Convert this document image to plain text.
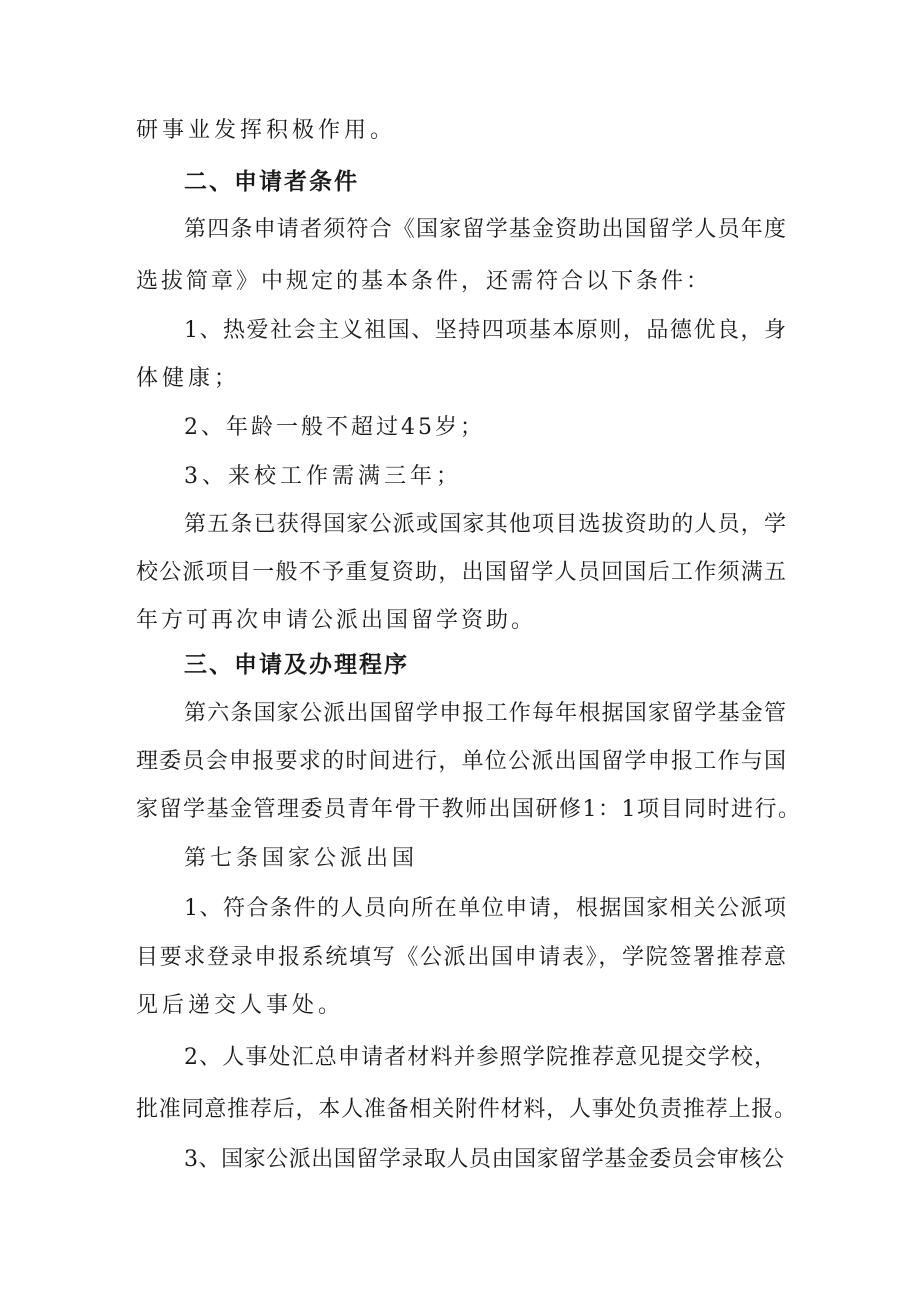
研事业发挥积极作用。
二、申请者条件
第四条申请者须符合《国家留学基金资助出国留学人员年度
选拔简章》中规定的基本条件，还需符合以下条件：
1、热爱社会主义祖国、坚持四项基本原则，品德优良，身
体健康；
2、年龄一般不超过45岁；
3、来校工作需满三年；
第五条已获得国家公派或国家其他项目选拔资助的人员，学
校公派项目一般不予重复资助，出国留学人员回国后工作须满五
年方可再次申请公派出国留学资助。
三、申请及办理程序
第六条国家公派出国留学申报工作每年根据国家留学基金管
理委员会申报要求的时间进行，单位公派出国留学申报工作与国
家留学基金管理委员青年骨干教师出国研修1：1项目同时进行。
第七条国家公派出国
1、符合条件的人员向所在单位申请，根据国家相关公派项
目要求登录申报系统填写《公派出国申请表》，学院签署推荐意
见后递交人事处。
2、人事处汇总申请者材料并参照学院推荐意见提交学校，
批准同意推荐后，本人准备相关附件材料，人事处负责推荐上报。
3、国家公派出国留学录取人员由国家留学基金委员会审核公
